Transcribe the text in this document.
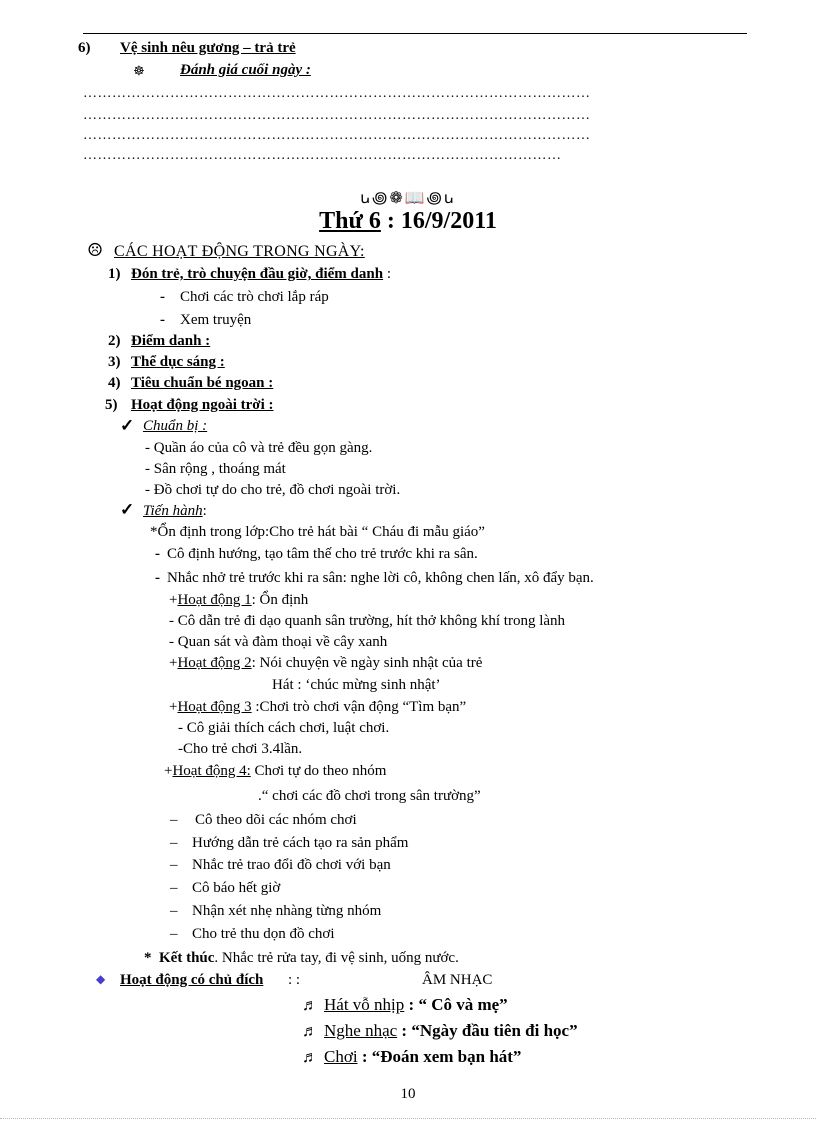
6) Vệ sinh nêu gương – trả trẻ
☸ Đánh giá cuối ngày :
……………………………………………………………………………………………
……………………………………………………………………………………………
……………………………………………………………………………………………
………………………………………………………………………………………
ꭎ꩜❁📖꩜ꭎ
Thứ 6 : 16/9/2011
☹ CÁC HOẠT ĐỘNG TRONG NGÀY:
1) Đón trẻ, trò chuyện đầu giờ, điểm danh :
- Chơi các trò chơi lắp ráp
- Xem truyện
2) Điểm danh :
3) Thể dục sáng :
4) Tiêu chuẩn bé ngoan :
5) Hoạt động ngoài trời :
✓ Chuẩn bị :
- Quần áo của cô và trẻ đều gọn gàng.
- Sân rộng , thoáng mát
- Đồ chơi tự do cho trẻ, đồ chơi ngoài trời.
✓ Tiến hành:
*Ổn định trong lớp:Cho trẻ hát bài “ Cháu đi mẫu giáo”
- Cô định hướng, tạo tâm thế cho trẻ trước khi ra sân.
- Nhắc nhở trẻ trước khi ra sân: nghe lời cô, không chen lấn, xô đẩy bạn.
+Hoạt động 1: Ổn định
- Cô dẫn trẻ đi dạo quanh sân trường, hít thở không khí trong lành
- Quan sát và đàm thoại về cây xanh
+Hoạt động 2: Nói chuyện về ngày sinh nhật của trẻ
Hát : ‘chúc mừng sinh nhật’
+Hoạt động 3 :Chơi trò chơi vận động “Tìm bạn”
- Cô giải thích cách chơi, luật chơi.
-Cho trẻ chơi 3.4lần.
+Hoạt động 4: Chơi tự do theo nhóm
.“ chơi các đồ chơi trong sân trường”
– Cô theo dõi các nhóm chơi
– Hướng dẫn trẻ cách tạo ra sản phẩm
– Nhắc trẻ trao đổi đồ chơi với bạn
– Cô báo hết giờ
– Nhận xét nhẹ nhàng từng nhóm
– Cho trẻ thu dọn đồ chơi
* Kết thúc. Nhắc trẻ rửa tay, đi vệ sinh, uống nước.
◆ Hoạt động có chủ đích : :	ÂM NHẠC
♬ Hát vỗ nhịp : “ Cô và mẹ”
♬ Nghe nhạc : “Ngày đầu tiên đi học”
♬ Chơi : “Đoán xem bạn hát”
10
